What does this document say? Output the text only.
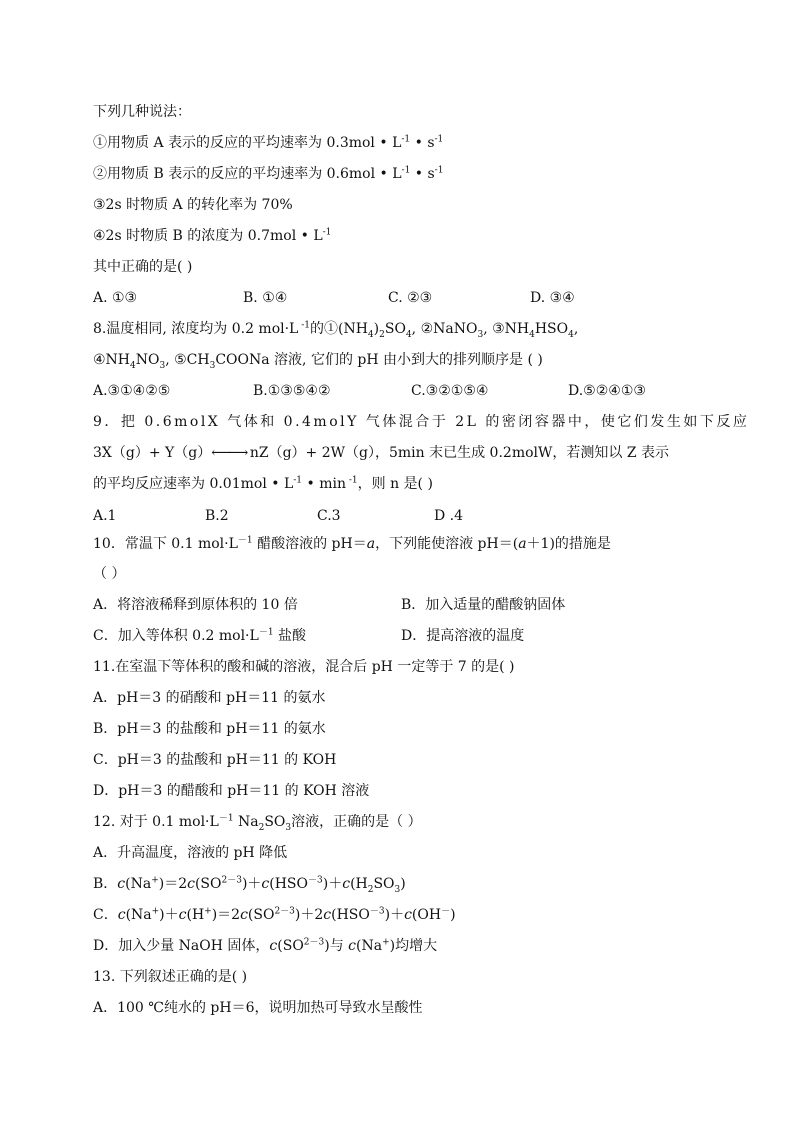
下列几种说法：
①用物质 A 表示的反应的平均速率为 0.3mol • $L^{-1}$ • $s^{-1}$
②用物质 B 表示的反应的平均速率为 0.6mol • $L^{-1}$ • $s^{-1}$
③2s 时物质 A 的转化率为 70%
④2s 时物质 B 的浓度为 0.7mol • $L^{-1}$
其中正确的是( )
A. ①③	B. ①④	C. ②③	D. ③④
8.温度相同, 浓度均为 0.2 mol·L $^{-1}$的$①(NH_4)_2SO_4$, ②NaNO$_3$, $③NH_4HSO_4$,
$④NH_4NO_3$, $⑤CH_3COONa$ 溶液, 它们的 pH 由小到大的排列顺序是 ( )
A.③①④②⑤	B.①③⑤④②	C.③②①⑤④	D.⑤②④①③
9．把 0.6molX 气体和 0.4molY 气体混合于 2L 的密闭容器中，使它们发生如下反应
3X（g）+ Y（g）⟵⟶ nZ（g）+ 2W（g），5min 末已生成 0.2molW，若测知以 Z 表示
的平均反应速率为 0.01mol • $L^{-1}$ • min $^{-1}$，则 n 是( )
A.1	B.2	C.3	D .4
10．常温下 0.1 $mol\cdot L^{-1}$ 醋酸溶液的 pH＝a，下列能使溶液 pH＝(a＋1)的措施是
（ ）
A．将溶液稀释到原体积的 10 倍	B．加入适量的醋酸钠固体
C．加入等体积 0.2 $mol\cdot L^{-1}$ 盐酸	D．提高溶液的温度
11.在室温下等体积的酸和碱的溶液，混合后 pH 一定等于 7 的是( )
A．pH＝3 的硝酸和 pH＝11 的氨水
B．pH＝3 的盐酸和 pH＝11 的氨水
C．pH＝3 的盐酸和 pH＝11 的 KOH
D．pH＝3 的醋酸和 pH＝11 的 KOH 溶液
12. 对于 0.1 $mol\cdot L^{-1}$ $Na_2SO_3$溶液，正确的是（ ）
A．升高温度，溶液的 pH 降低
B．$c(Na^+)=2c(SO^{2-3})+c(HSO^{-3})+c(H_2SO_3)$
C．$c(Na^+)+c(H^+)=2c(SO^{2-3})+2c(HSO^{-3})+c(OH^-)$
D．加入少量 NaOH 固体，$c(SO^{2-3})$与 c(Na+)均增大
13. 下列叙述正确的是( )
A．100 ℃纯水的 pH＝6，说明加热可导致水呈酸性
